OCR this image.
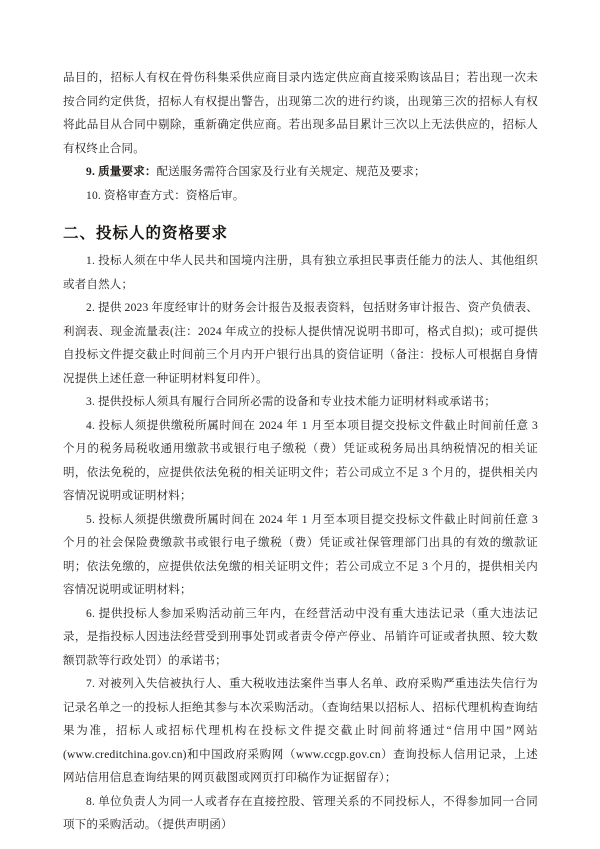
品目的，招标人有权在骨伤科集采供应商目录内选定供应商直接采购该品目；若出现一次未按合同约定供货，招标人有权提出警告，出现第二次的进行约谈，出现第三次的招标人有权将此品目从合同中剔除，重新确定供应商。若出现多品目累计三次以上无法供应的，招标人有权终止合同。

9. 质量要求：配送服务需符合国家及行业有关规定、规范及要求；

10. 资格审查方式：资格后审。

二、投标人的资格要求

1. 投标人须在中华人民共和国境内注册，具有独立承担民事责任能力的法人、其他组织或者自然人；

2. 提供 2023 年度经审计的财务会计报告及报表资料，包括财务审计报告、资产负债表、利润表、现金流量表(注：2024 年成立的投标人提供情况说明书即可，格式自拟)；或可提供自投标文件提交截止时间前三个月内开户银行出具的资信证明（备注：投标人可根据自身情况提供上述任意一种证明材料复印件）。

3. 提供投标人须具有履行合同所必需的设备和专业技术能力证明材料或承诺书；

4. 投标人须提供缴税所属时间在 2024 年 1 月至本项目提交投标文件截止时间前任意 3 个月的税务局税收通用缴款书或银行电子缴税（费）凭证或税务局出具纳税情况的相关证明，依法免税的，应提供依法免税的相关证明文件；若公司成立不足 3 个月的，提供相关内容情况说明或证明材料；

5. 投标人须提供缴费所属时间在 2024 年 1 月至本项目提交投标文件截止时间前任意 3 个月的社会保险费缴款书或银行电子缴税（费）凭证或社保管理部门出具的有效的缴款证明；依法免缴的，应提供依法免缴的相关证明文件；若公司成立不足 3 个月的，提供相关内容情况说明或证明材料；

6. 提供投标人参加采购活动前三年内，在经营活动中没有重大违法记录（重大违法记录，是指投标人因违法经营受到刑事处罚或者责令停产停业、吊销许可证或者执照、较大数额罚款等行政处罚）的承诺书；

7. 对被列入失信被执行人、重大税收违法案件当事人名单、政府采购严重违法失信行为记录名单之一的投标人拒绝其参与本次采购活动。（查询结果以招标人、招标代理机构查询结果为准，招标人或招标代理机构在投标文件提交截止时间前将通过“信用中国”网站(www.creditchina.gov.cn)和中国政府采购网（www.ccgp.gov.cn）查询投标人信用记录，上述网站信用信息查询结果的网页截图或网页打印稿作为证据留存）；

8. 单位负责人为同一人或者存在直接控股、管理关系的不同投标人，不得参加同一合同项下的采购活动。（提供声明函）
